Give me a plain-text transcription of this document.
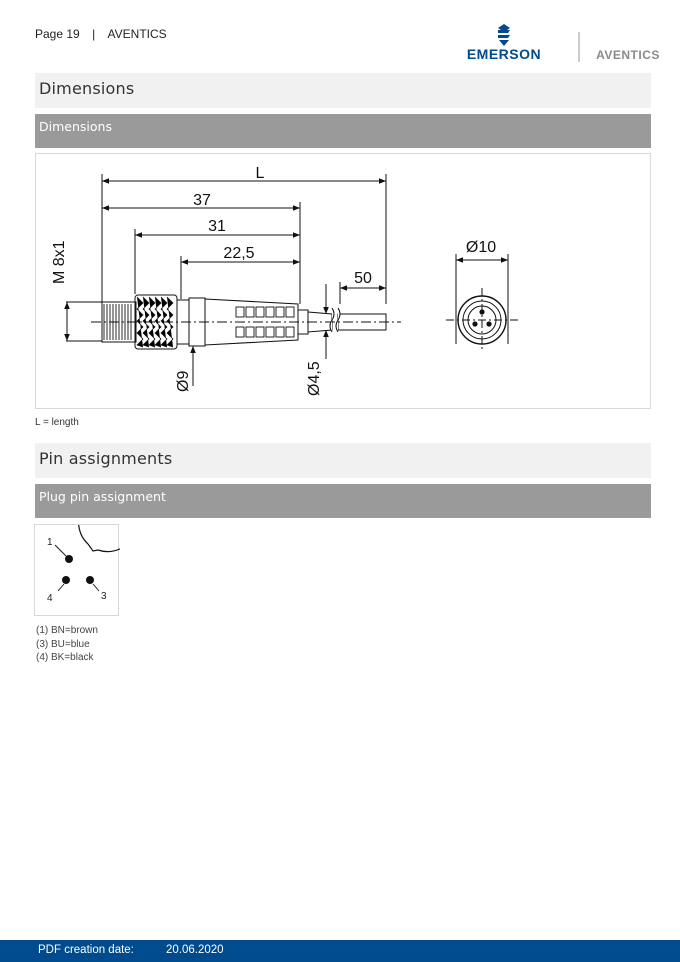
Page 19 | AVENTICS
EMERSON	AVENTICS
Dimensions
Dimensions
L
37
31
22,5
50
M 8x1
Ø9	Ø4,5
Ø10
L = length
Pin assignments
Plug pin assignment
1
4	3
(1) BN=brown
(3) BU=blue
(4) BK=black
PDF creation date:	20.06.2020
